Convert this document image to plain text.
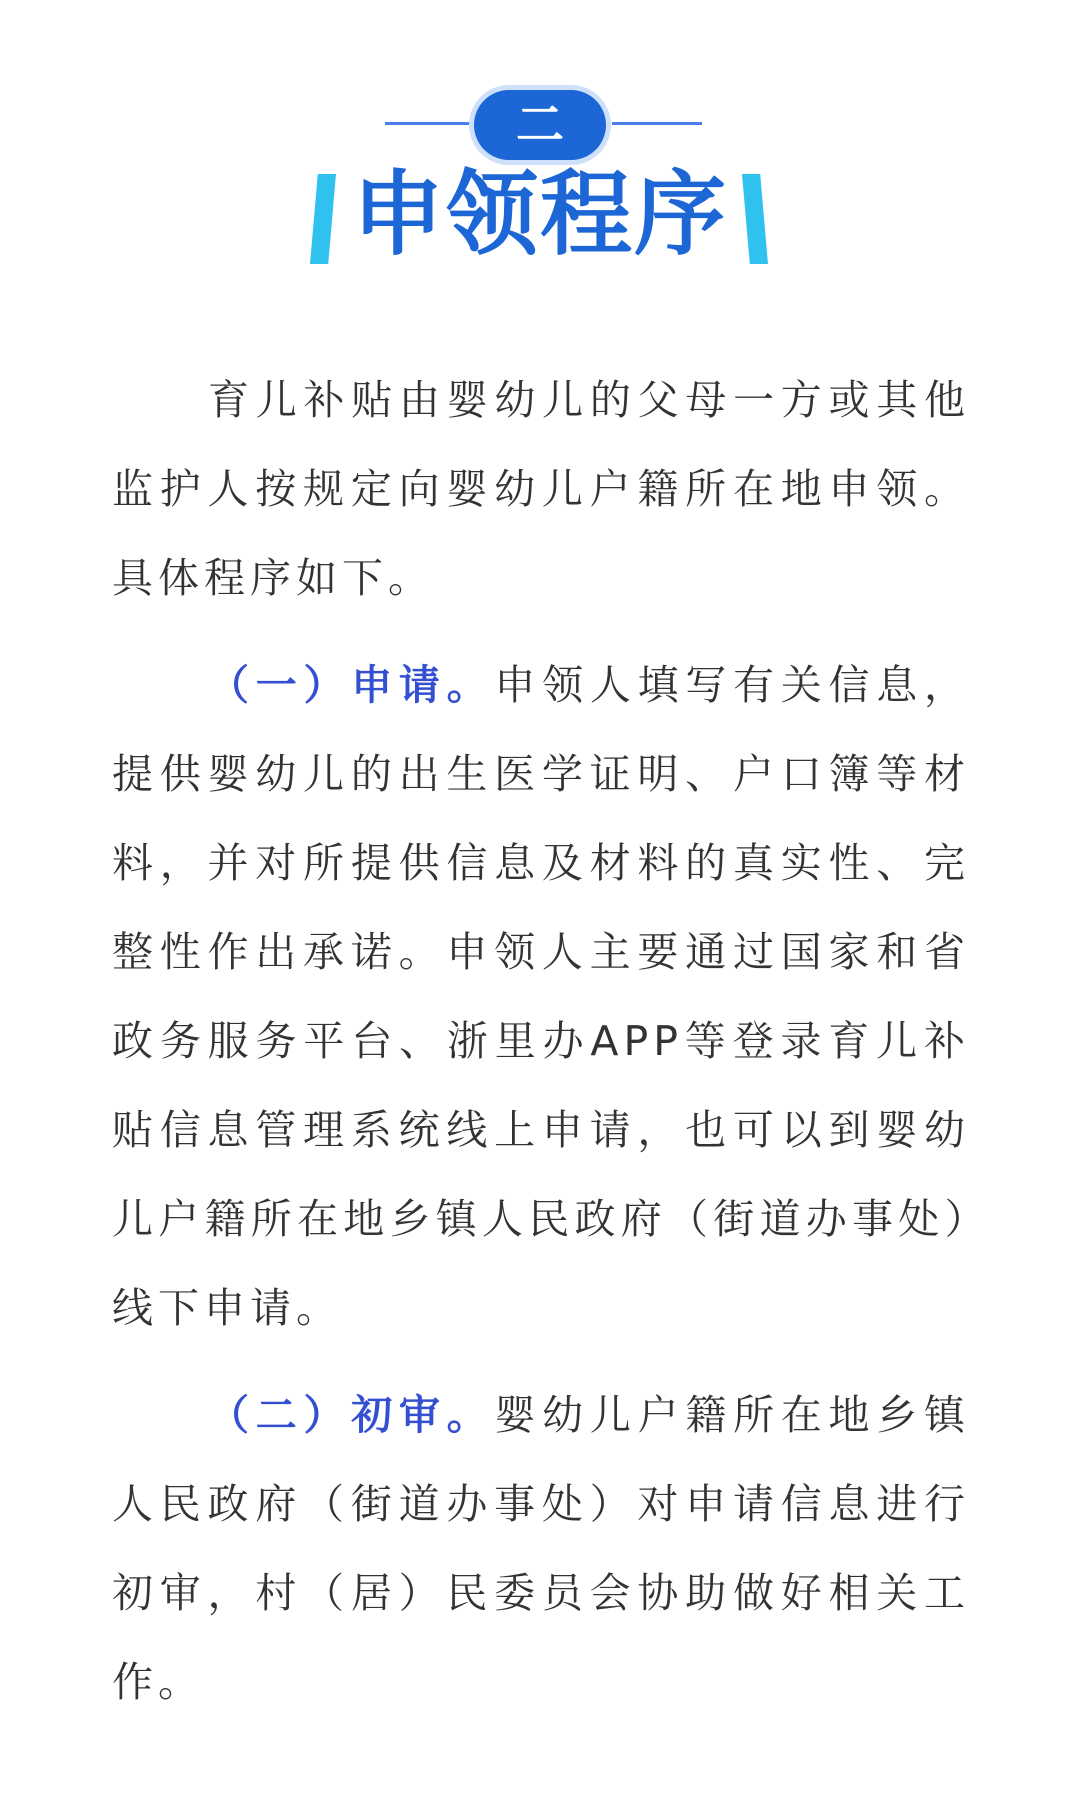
二
申领程序

育儿补贴由婴幼儿的父母一方或其他监护人按规定向婴幼儿户籍所在地申领。具体程序如下。

（一）申请。申领人填写有关信息，提供婴幼儿的出生医学证明、户口簿等材料，并对所提供信息及材料的真实性、完整性作出承诺。申领人主要通过国家和省政务服务平台、浙里办APP等登录育儿补贴信息管理系统线上申请，也可以到婴幼儿户籍所在地乡镇人民政府（街道办事处）线下申请。

（二）初审。婴幼儿户籍所在地乡镇人民政府（街道办事处）对申请信息进行初审，村（居）民委员会协助做好相关工作。
